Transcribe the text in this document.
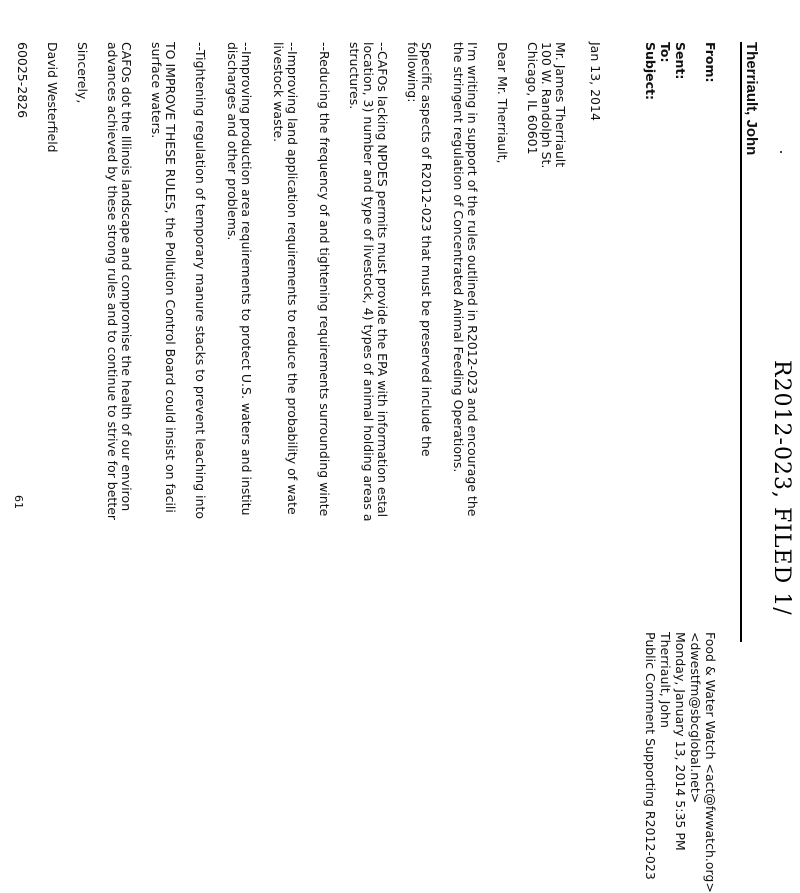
R2012-023, FILED 1/
Therriault, John
From:
Food & Water Watch <act@fwwatch.org>
<dwestfm@sbcglobal.net>
Sent:
Monday, January 13, 2014 5:35 PM
To:
Therriault, John
Subject:
Public Comment Supporting R2012-023
Jan 13, 2014
Mr. James Therriault
100 W. Randolph St.
Chicago, IL 60601
Dear Mr. Therriault,
I'm writing in support of the rules outlined in R2012-023 and encourage the
the stringent regulation of Concentrated Animal Feeding Operations.
Specific aspects of R2012-023 that must be preserved include the
following:
--CAFOs lacking NPDES permits must provide the EPA with information estal
location, 3) number and type of livestock, 4) types of animal holding areas a
structures.
--Reducing the frequency of and tightening requirements surrounding winte
--Improving land application requirements to reduce the probability of wate
livestock waste.
--Improving production area requirements to protect U.S. waters and institu
discharges and other problems.
--Tightening regulation of temporary manure stacks to prevent leaching into
TO IMPROVE THESE RULES, the Pollution Control Board could insist on facili
surface waters.
CAFOs dot the Illinois landscape and compromise the health of our environ
advances achieved by these strong rules and to continue to strive for better
Sincerely,
David Westerfield
60025-2826
61
